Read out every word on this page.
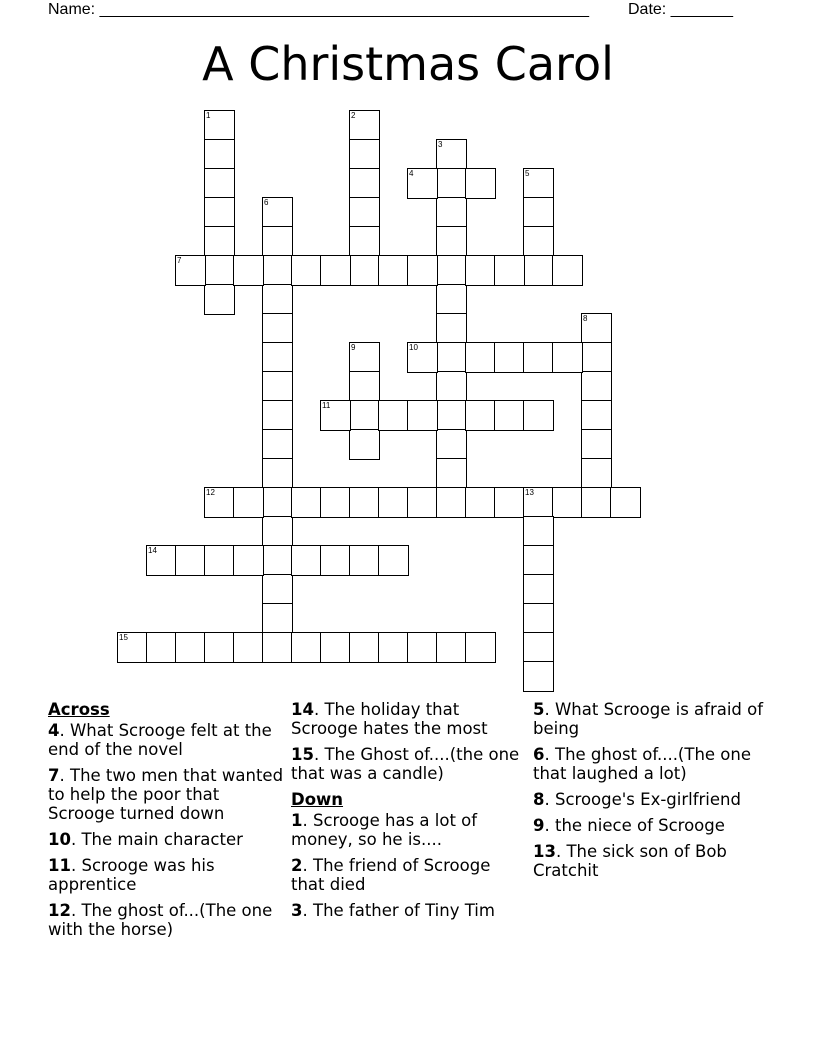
Name: _______________________________________________________ Date: _______
A Christmas Carol
1	2
3
4	5
6
7
8
9	10
11
12	13
14
15
Across
4. What Scrooge felt at the end of the novel
7. The two men that wanted to help the poor that Scrooge turned down
10. The main character
11. Scrooge was his apprentice
12. The ghost of...(The one with the horse)
14. The holiday that Scrooge hates the most
15. The Ghost of....(the one that was a candle)
Down
1. Scrooge has a lot of money, so he is....
2. The friend of Scrooge that died
3. The father of Tiny Tim
5. What Scrooge is afraid of being
6. The ghost of....(The one that laughed a lot)
8. Scrooge's Ex-girlfriend
9. the niece of Scrooge
13. The sick son of Bob Cratchit
